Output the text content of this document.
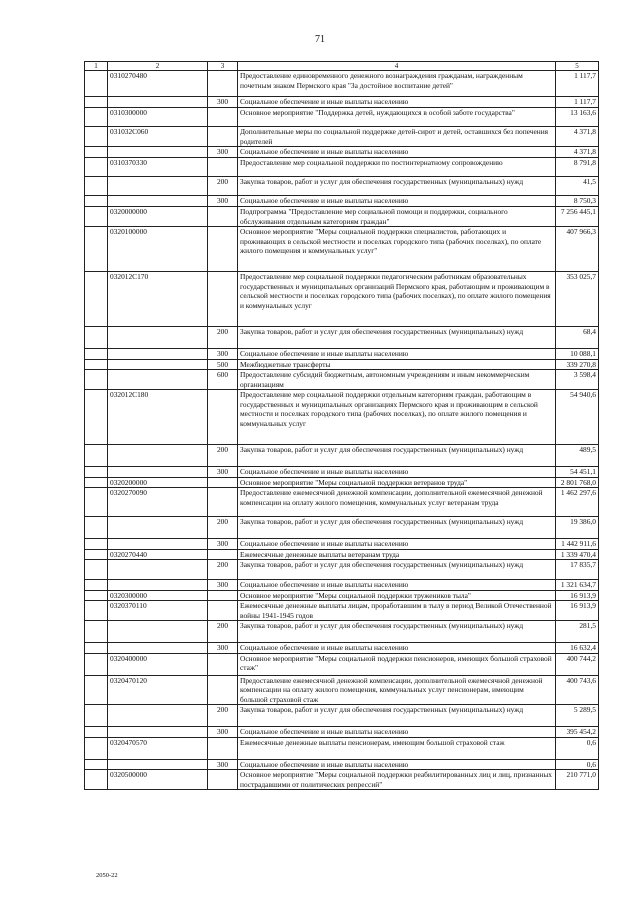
71
1	2	3	4	5
	0310270480		Предоставление единовременного денежного вознаграждения гражданам, награжденным почетным знаком Пермского края "За достойное воспитание детей"	1 117,7
		300	Социальное обеспечение и иные выплаты населению	1 117,7
	0310300000		Основное мероприятие "Поддержка детей, нуждающихся в особой заботе государства"	13 163,6
	031032С060		Дополнительные меры по социальной поддержке детей-сирот и детей, оставшихся без попечения родителей	4 371,8
		300	Социальное обеспечение и иные выплаты населению	4 371,8
	0310370330		Предоставление мер социальной поддержки по постинтернатному сопровождению	8 791,8
		200	Закупка товаров, работ и услуг для обеспечения государственных (муниципальных) нужд	41,5
		300	Социальное обеспечение и иные выплаты населению	8 750,3
	0320000000		Подпрограмма "Предоставление мер социальной помощи и поддержки, социального обслуживания отдельным категориям граждан"	7 256 445,1
	0320100000		Основное мероприятие "Меры социальной поддержки специалистов, работающих и проживающих в сельской местности и поселках городского типа (рабочих поселках), по оплате жилого помещения и коммунальных услуг"	407 966,3
	032012С170		Предоставление мер социальной поддержки педагогическим работникам образовательных государственных и муниципальных организаций Пермского края, работающим и проживающим в сельской местности и поселках городского типа (рабочих поселках), по оплате жилого помещения и коммунальных услуг	353 025,7
		200	Закупка товаров, работ и услуг для обеспечения государственных (муниципальных) нужд	68,4
		300	Социальное обеспечение и иные выплаты населению	10 088,1
		500	Межбюджетные трансферты	339 270,8
		600	Предоставление субсидий бюджетным, автономным учреждениям и иным некоммерческим организациям	3 598,4
	032012С180		Предоставление мер социальной поддержки отдельным категориям граждан, работающим в государственных и муниципальных организациях Пермского края и проживающим в сельской местности и поселках городского типа (рабочих поселках), по оплате жилого помещения и коммунальных услуг	54 940,6
		200	Закупка товаров, работ и услуг для обеспечения государственных (муниципальных) нужд	489,5
		300	Социальное обеспечение и иные выплаты населению	54 451,1
	0320200000		Основное мероприятие "Меры социальной поддержки ветеранов труда"	2 801 768,0
	0320270090		Предоставление ежемесячной денежной компенсации, дополнительной ежемесячной денежной компенсации на оплату жилого помещения, коммунальных услуг ветеранам труда	1 462 297,6
		200	Закупка товаров, работ и услуг для обеспечения государственных (муниципальных) нужд	19 386,0
		300	Социальное обеспечение и иные выплаты населению	1 442 911,6
	0320270440		Ежемесячные денежные выплаты ветеранам труда	1 339 470,4
		200	Закупка товаров, работ и услуг для обеспечения государственных (муниципальных) нужд	17 835,7
		300	Социальное обеспечение и иные выплаты населению	1 321 634,7
	0320300000		Основное мероприятие "Меры социальной поддержки тружеников тыла"	16 913,9
	0320370110		Ежемесячные денежные выплаты лицам, проработавшим в тылу в период Великой Отечественной войны 1941-1945 годов	16 913,9
		200	Закупка товаров, работ и услуг для обеспечения государственных (муниципальных) нужд	281,5
		300	Социальное обеспечение и иные выплаты населению	16 632,4
	0320400000		Основное мероприятие "Меры социальной поддержки пенсионеров, имеющих большой страховой стаж"	400 744,2
	0320470120		Предоставление ежемесячной денежной компенсации, дополнительной ежемесячной денежной компенсации на оплату жилого помещения, коммунальных услуг пенсионерам, имеющим большой страховой стаж	400 743,6
		200	Закупка товаров, работ и услуг для обеспечения государственных (муниципальных) нужд	5 289,5
		300	Социальное обеспечение и иные выплаты населению	395 454,2
	0320470570		Ежемесячные денежные выплаты пенсионерам, имеющим большой страховой стаж	0,6
		300	Социальное обеспечение и иные выплаты населению	0,6
	0320500000		Основное мероприятие "Меры социальной поддержки реабилитированных лиц и лиц, признанных пострадавшими от политических репрессий"	210 771,0
2050-22
